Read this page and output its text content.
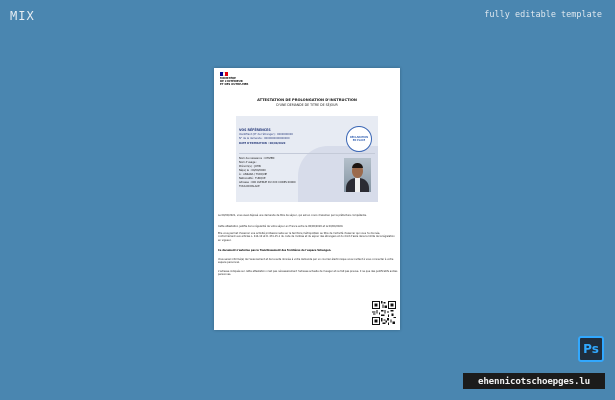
MIX	fully editable template
MINISTÈRE
DE L'INTÉRIEUR
ET DES OUTRE-MER
ATTESTATION DE PROLONGATION D'INSTRUCTION
D'UNE DEMANDE DE TITRE DE SÉJOUR
VOS RÉFÉRENCES
Identifiant (N° de l'étranger) : 0000000000
N° de la demande : 0000000000000000
DATE D'EXPIRATION : 00/00/2020
DÉCLARATION
EN PLACE
Nom de naissance : CITIZEN
Nom d'usage :
Prénom(s) : JOHN
Né(e) le : 00/00/0000
À : ANKARA / TURQUIE
Nationalité : TURQUE
Adresse : 000 AVENUE DU XXX CORPS 00000
TOULON PALACE
Le 00/00/2021, vous avez déposé une demande de titre de séjour, qui est en cours d'examen par la préfecture compétente.
Cette attestation justifie de la régularité de votre séjour en France entre le 00/00/2020 et le 00/00/2020.
Elle vous permet d'exercer une activité professionnelle sur le territoire métropolitain au titre de l'activité d'exercer qui vous l'a donnée, conformément aux articles L. 414-10 et R. 431-15-1 du code de l'entrée et du séjour des étrangers et du droit d'asile dans la limite de la législation en vigueur.
Ce document n'autorise pas le franchissement des frontières de l'espace Schengen.
Vous serez informé(e) de l'avancement et de la suite donnée à votre demande par un courrier électronique vous invitant à vous connecter à votre espace personnel.
L'adresse indiquée sur cette attestation n'est pas nécessairement l'adresse actuelle de l'usager et ne fait pas preuve. Il ne que des justificatifs autres personnes.
Ps
ehennicotschoepges.lu
